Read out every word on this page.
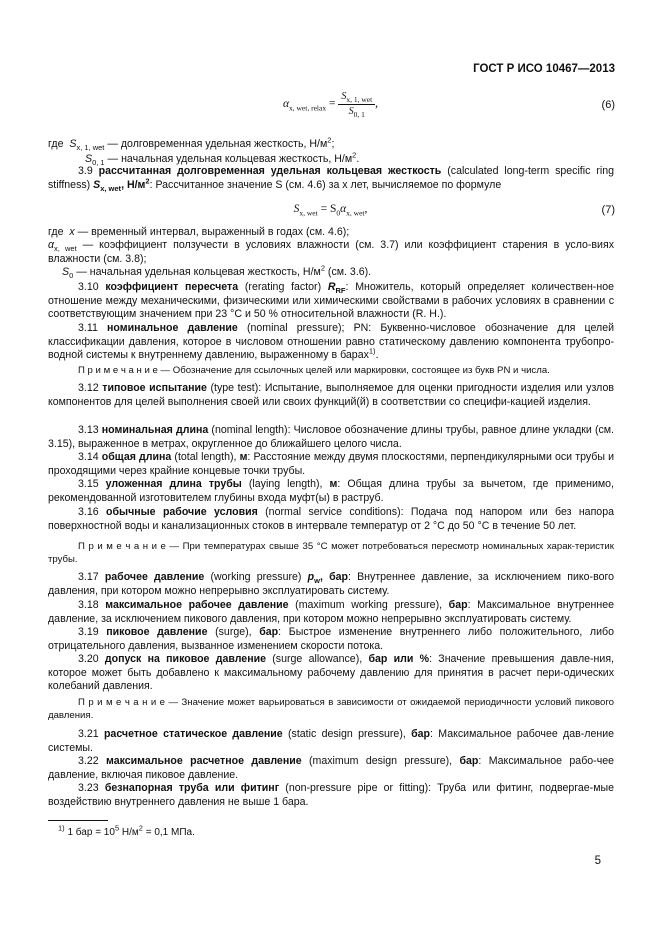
ГОСТ Р ИСО 10467—2013
$\alpha_{x, wet, relax} = \frac{S_{x, 1, wet}}{S_{0, 1}}$ ,	(6)
где $S_{x, 1, wet}$ — долговременная удельная жесткость, $Н/м^2$;
$S_{0, 1}$ — начальная удельная кольцевая жесткость, $Н/м^2$.
3.9 рассчитанная долговременная удельная кольцевая жесткость (calculated long-term specific ring stiffness) $S_{x, wet}$, $Н/м^2$: Рассчитанное значение S (см. 4.6) за x лет, вычисляемое по формуле
$S_{x, wet} = S_0\alpha_{x, wet}$,	(7)
где x — временный интервал, выраженный в годах (см. 4.6);
$\alpha_{x, wet}$ — коэффициент ползучести в условиях влажности (см. 3.7) или коэффициент старения в усло-виях влажности (см. 3.8);
$S_0$ — начальная удельная кольцевая жесткость, $Н/м^2$ (см. 3.6).
3.10 коэффициент пересчета (rerating factor) $R_{RF}$: Множитель, который определяет количествен-ное отношение между механическими, физическими или химическими свойствами в рабочих условиях в сравнении с соответствующим значением при 23 °С и 50 % относительной влажности (R. H.).
3.11 номинальное давление (nominal pressure); PN: Буквенно-числовое обозначение для целей классификации давления, которое в числовом отношении равно статическому давлению компонента трубопро-водной системы к внутреннему давлению, выраженному в барах$^{1)}$.
П р и м е ч а н и е — Обозначение для ссылочных целей или маркировки, состоящее из букв PN и числа.
3.12 типовое испытание (type test): Испытание, выполняемое для оценки пригодности изделия или узлов компонентов для целей выполнения своей или своих функций(й) в соответствии со специфи-кацией изделия.
3.13 номинальная длина (nominal length): Числовое обозначение длины трубы, равное длине укладки (см. 3.15), выраженное в метрах, округленное до ближайшего целого числа.
3.14 общая длина (total length), м: Расстояние между двумя плоскостями, перпендикулярными оси трубы и проходящими через крайние концевые точки трубы.
3.15 уложенная длина трубы (laying length), м: Общая длина трубы за вычетом, где применимо, рекомендованной изготовителем глубины входа муфт(ы) в раструб.
3.16 обычные рабочие условия (normal service conditions): Подача под напором или без напора поверхностной воды и канализационных стоков в интервале температур от 2 °С до 50 °С в течение 50 лет.
П р и м е ч а н и е — При температурах свыше 35 °С может потребоваться пересмотр номинальных харак-теристик трубы.
3.17 рабочее давление (working pressure) $p_w$, бар: Внутреннее давление, за исключением пико-вого давления, при котором можно непрерывно эксплуатировать систему.
3.18 максимальное рабочее давление (maximum working pressure), бар: Максимальное внутреннее давление, за исключением пикового давления, при котором можно непрерывно эксплуатировать систему.
3.19 пиковое давление (surge), бар: Быстрое изменение внутреннего либо положительного, либо отрицательного давления, вызванное изменением скорости потока.
3.20 допуск на пиковое давление (surge allowance), бар или %: Значение превышения давле-ния, которое может быть добавлено к максимальному рабочему давлению для принятия в расчет пери-одических колебаний давления.
П р и м е ч а н и е — Значение может варьироваться в зависимости от ожидаемой периодичности условий пикового давления.
3.21 расчетное статическое давление (static design pressure), бар: Максимальное рабочее дав-ление системы.
3.22 максимальное расчетное давление (maximum design pressure), бар: Максимальное рабо-чее давление, включая пиковое давление.
3.23 безнапорная труба или фитинг (non-pressure pipe or fitting): Труба или фитинг, подвергае-мые воздействию внутреннего давления не выше 1 бара.
$^{1)}$ 1 бар = $10^5$ $Н/м^2 = 0,1$ МПа.
5
